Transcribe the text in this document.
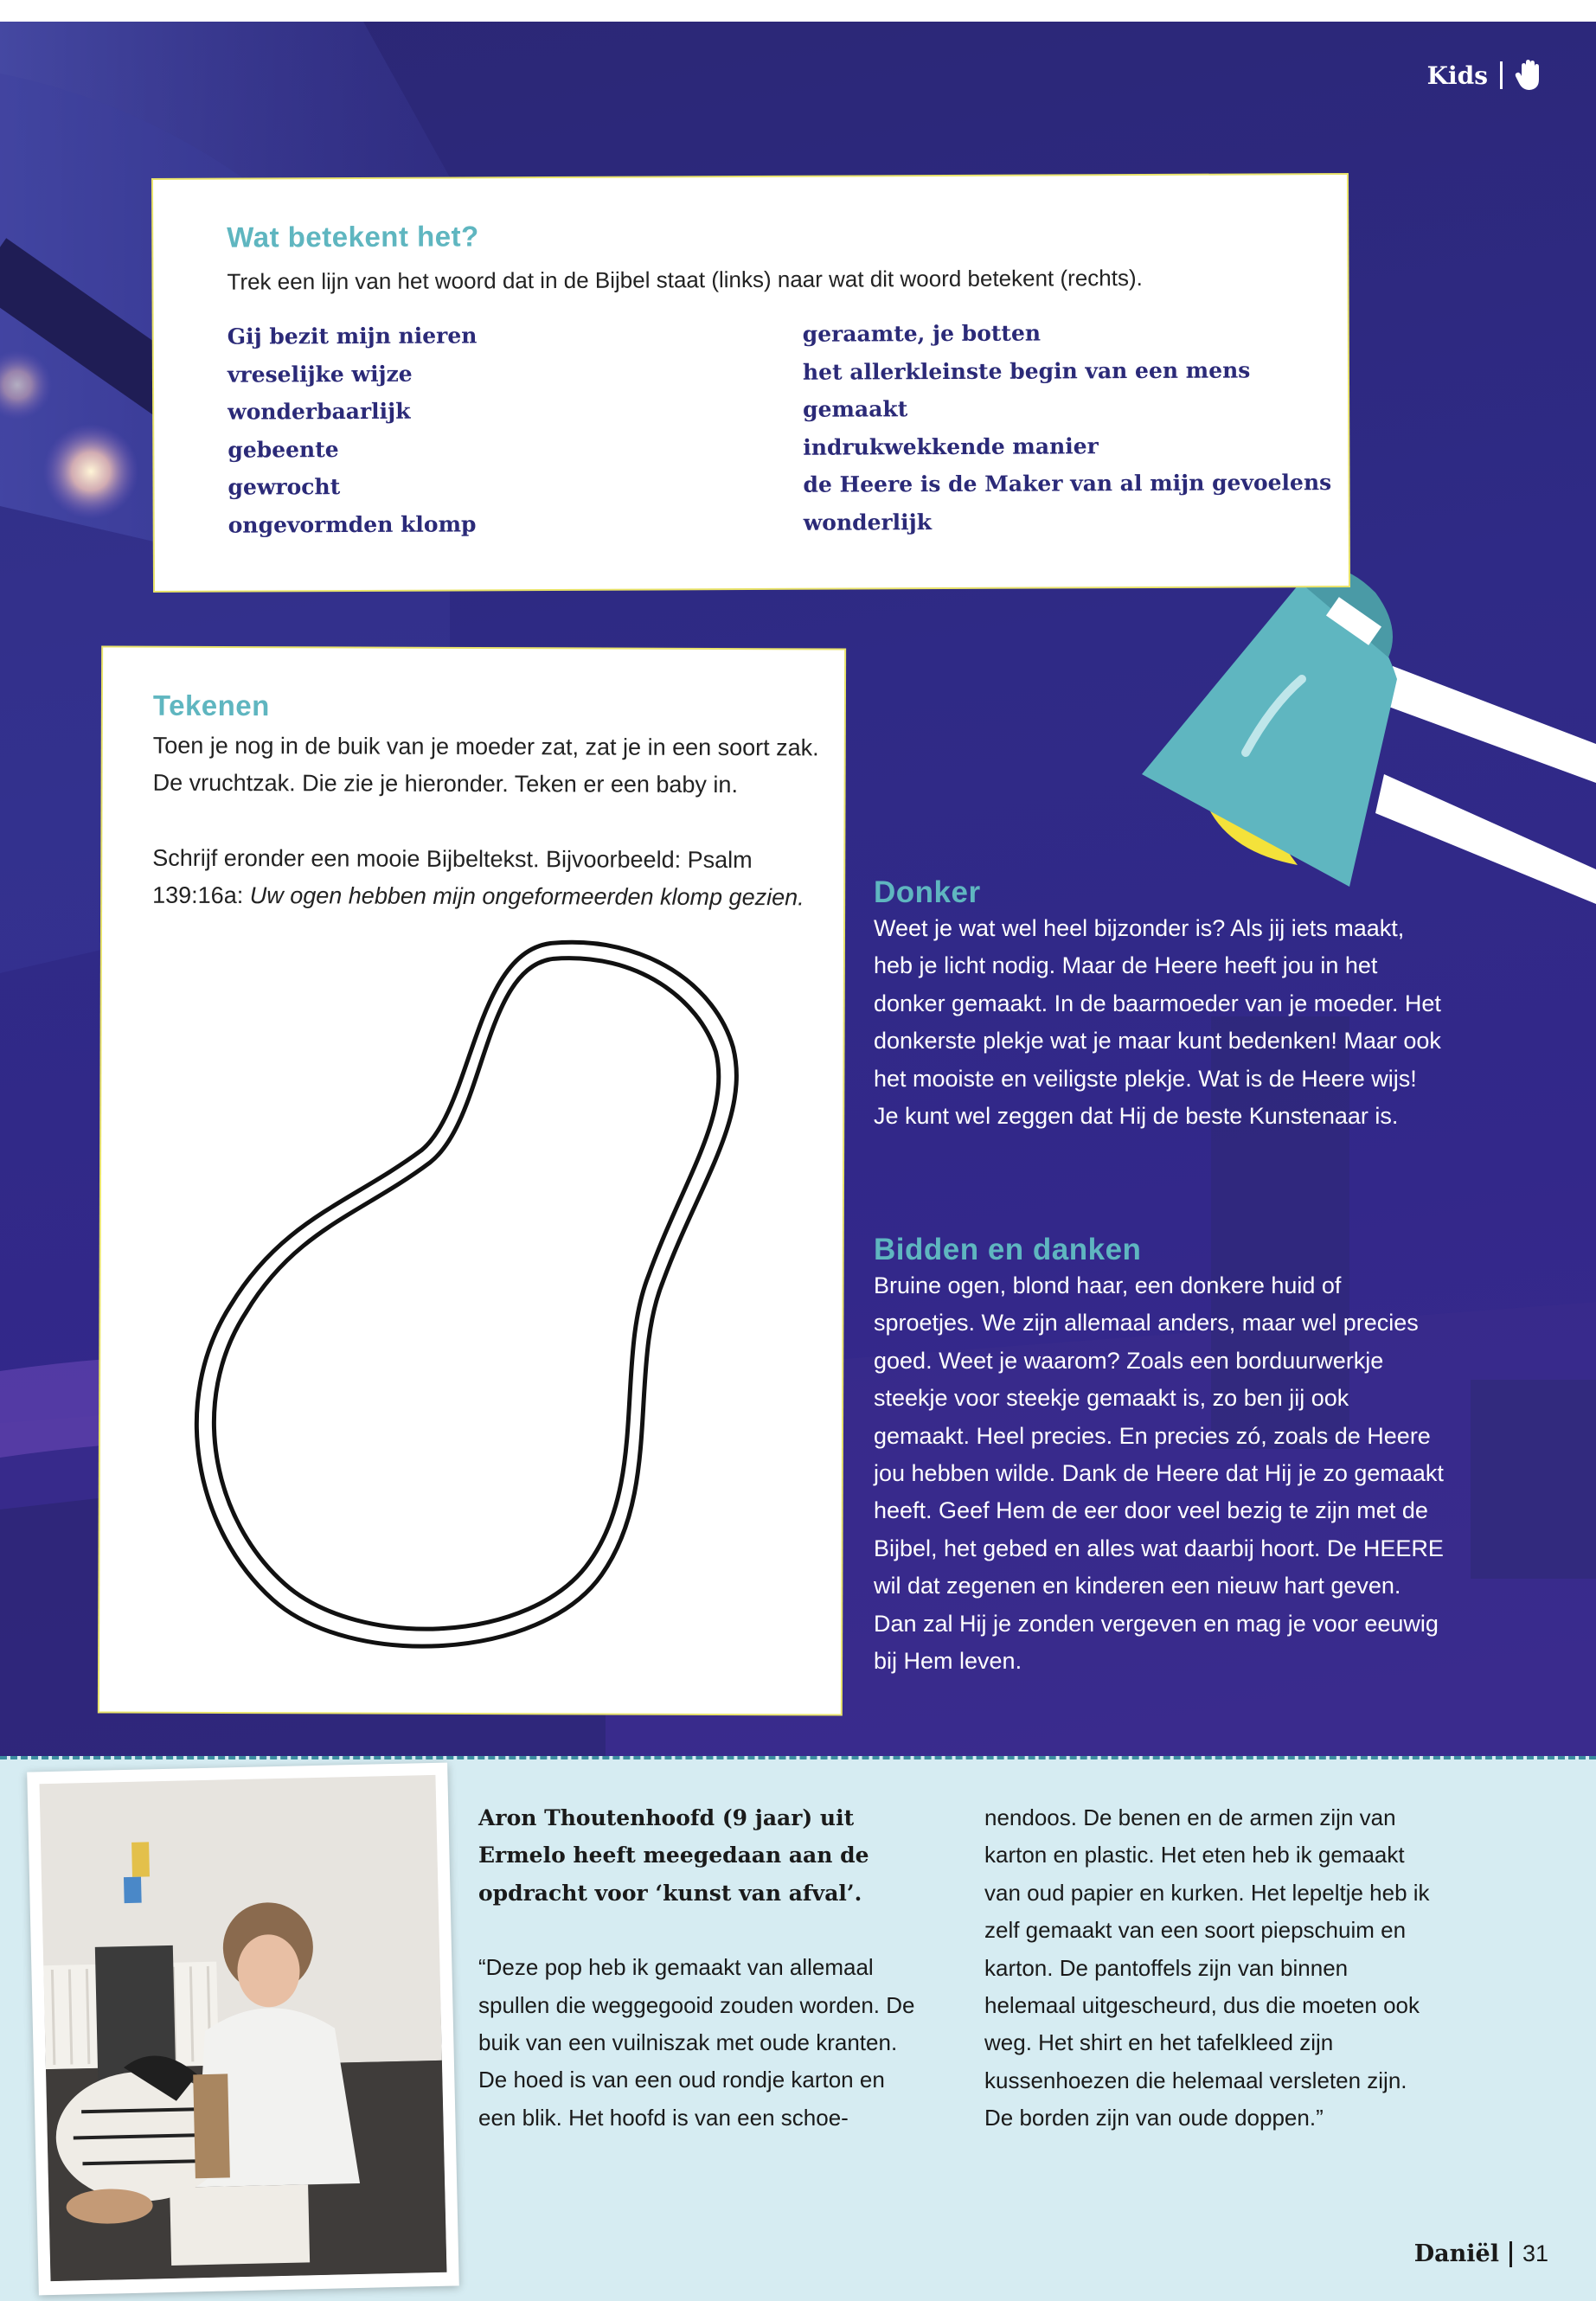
Kids
Wat betekent het?
Trek een lijn van het woord dat in de Bijbel staat (links) naar wat dit woord betekent (rechts).
Gij bezit mijn nieren
vreselijke wijze
wonderbaarlijk
gebeente
gewrocht
ongevormden klomp
geraamte, je botten
het allerkleinste begin van een mens
gemaakt
indrukwekkende manier
de Heere is de Maker van al mijn gevoelens
wonderlijk
Tekenen
Toen je nog in de buik van je moeder zat, zat je in een soort zak. De vruchtzak. Die zie je hieronder. Teken er een baby in.
Schrijf eronder een mooie Bijbeltekst. Bijvoorbeeld: Psalm 139:16a: Uw ogen hebben mijn ongeformeerden klomp gezien.	Donker
Weet je wat wel heel bijzonder is? Als jij iets maakt, heb je licht nodig. Maar de Heere heeft jou in het donker gemaakt. In de baarmoeder van je moeder. Het donkerste plekje wat je maar kunt bedenken! Maar ook het mooiste en veiligste plekje. Wat is de Heere wijs! Je kunt wel zeggen dat Hij de beste Kunstenaar is.
Bidden en danken
Bruine ogen, blond haar, een donkere huid of sproetjes. We zijn allemaal anders, maar wel precies goed. Weet je waarom? Zoals een borduurwerkje steekje voor steekje gemaakt is, zo ben jij ook gemaakt. Heel precies. En precies zó, zoals de Heere jou hebben wilde. Dank de Heere dat Hij je zo gemaakt heeft. Geef Hem de eer door veel bezig te zijn met de Bijbel, het gebed en alles wat daarbij hoort. De HEERE wil dat zegenen en kinderen een nieuw hart geven. Dan zal Hij je zonden vergeven en mag je voor eeuwig bij Hem leven.

Aron Thoutenhoofd (9 jaar) uit Ermelo heeft meegedaan aan de opdracht voor ‘kunst van afval’.

“Deze pop heb ik gemaakt van allemaal spullen die weggegooid zouden worden. De buik van een vuilniszak met oude kranten. De hoed is van een oud rondje karton en een blik. Het hoofd is van een schoe-

nendoos. De benen en de armen zijn van karton en plastic. Het eten heb ik gemaakt van oud papier en kurken. Het lepeltje heb ik zelf gemaakt van een soort piepschuim en karton. De pantoffels zijn van binnen helemaal uitgescheurd, dus die moeten ook weg. Het shirt en het tafelkleed zijn kussenhoezen die helemaal versleten zijn. De borden zijn van oude doppen.”

Daniël 31
